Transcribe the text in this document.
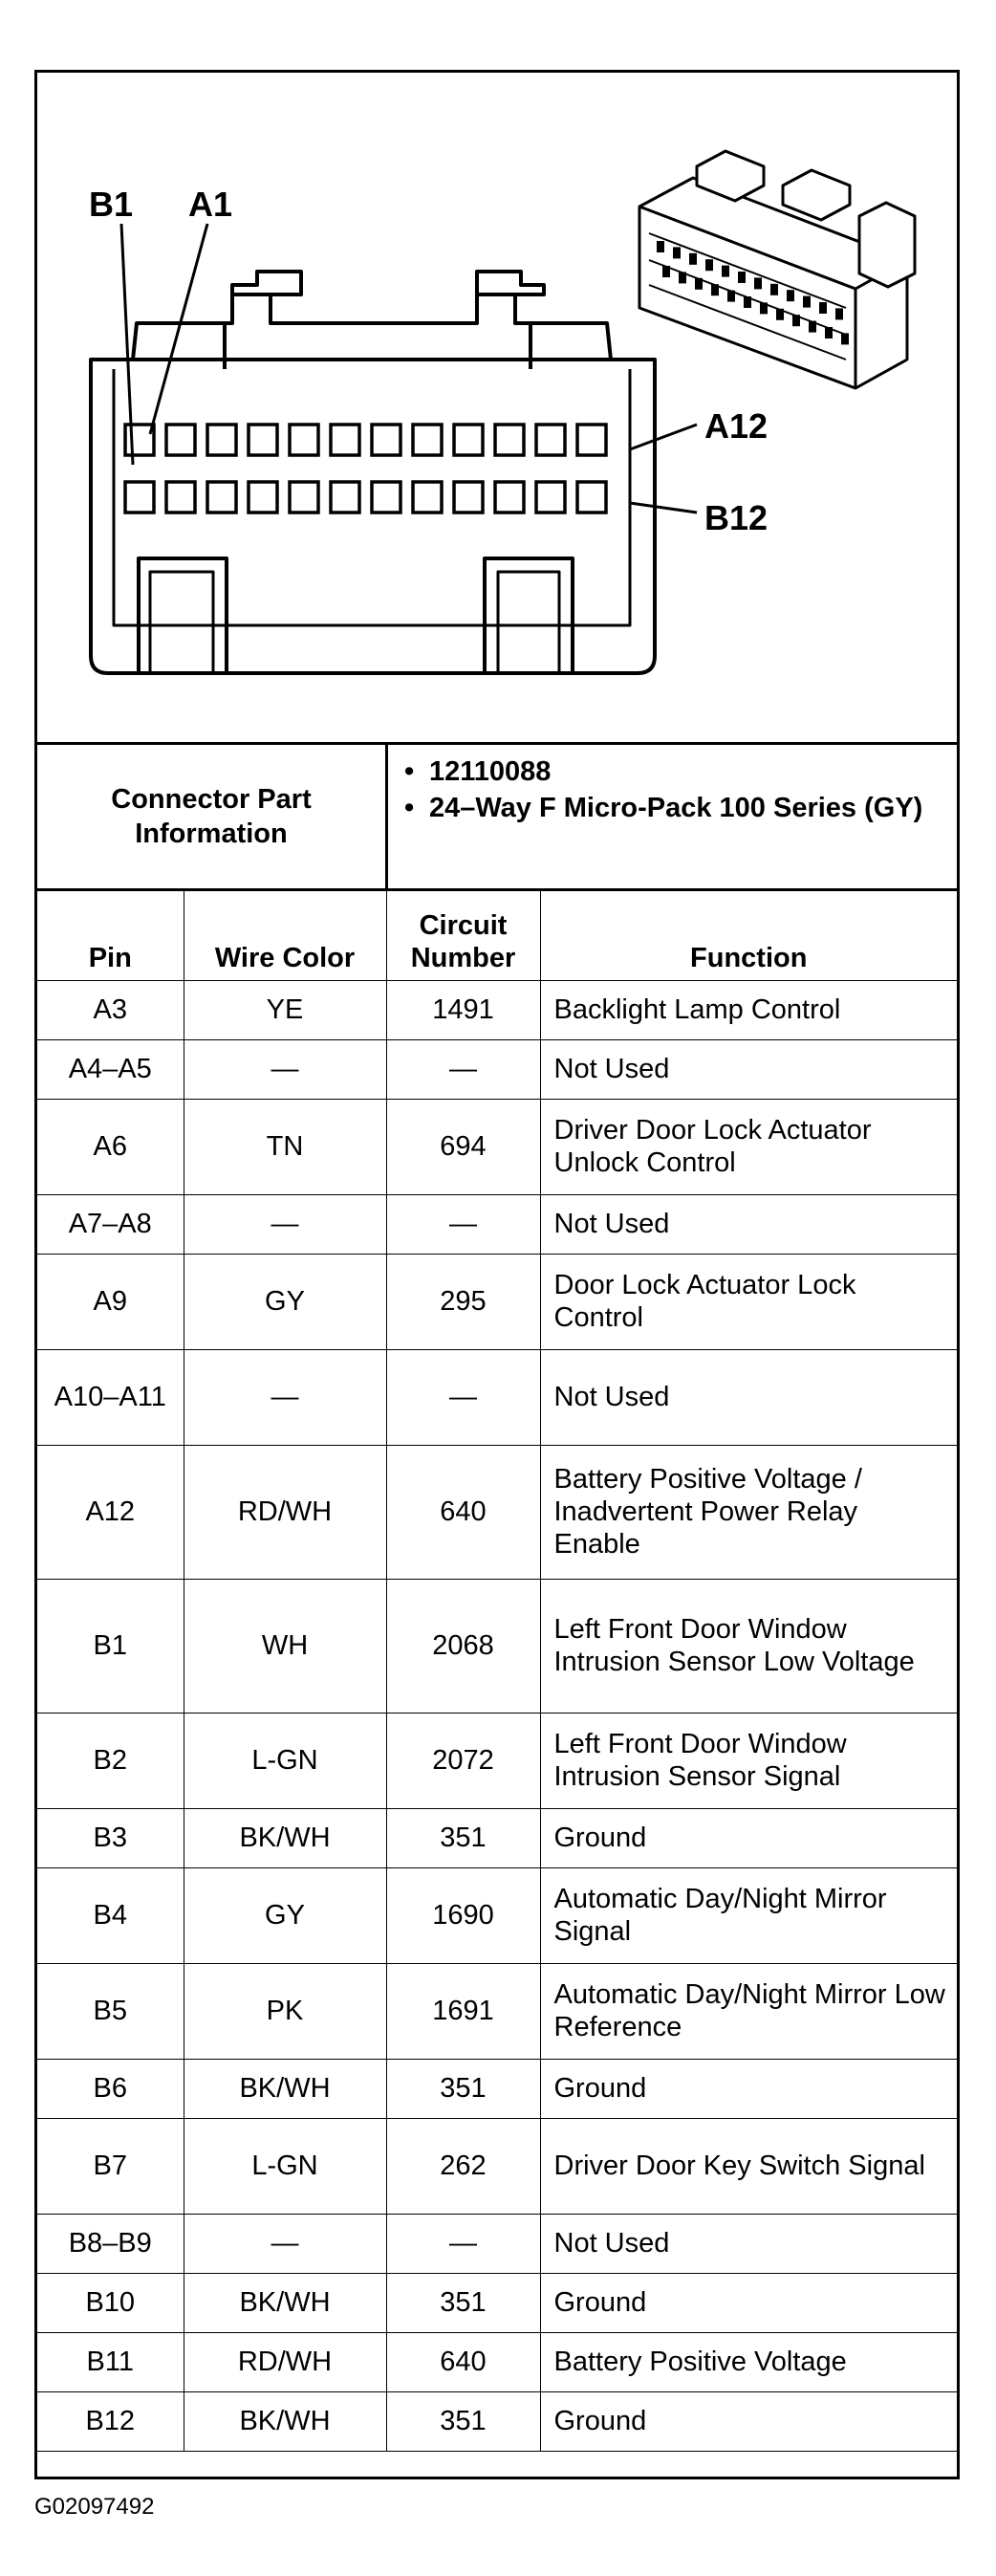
B1 A1
A12
B12
Connector Part Information
• 12110088
• 24–Way F Micro-Pack 100 Series (GY)
Pin	Wire Color	Circuit Number	Function
A3	YE	1491	Backlight Lamp Control
A4–A5	—	—	Not Used
A6	TN	694	Driver Door Lock Actuator Unlock Control
A7–A8	—	—	Not Used
A9	GY	295	Door Lock Actuator Lock Control
A10–A11	—	—	Not Used
A12	RD/WH	640	Battery Positive Voltage / Inadvertent Power Relay Enable
B1	WH	2068	Left Front Door Window Intrusion Sensor Low Voltage
B2	L-GN	2072	Left Front Door Window Intrusion Sensor Signal
B3	BK/WH	351	Ground
B4	GY	1690	Automatic Day/Night Mirror Signal
B5	PK	1691	Automatic Day/Night Mirror Low Reference
B6	BK/WH	351	Ground
B7	L-GN	262	Driver Door Key Switch Signal
B8–B9	—	—	Not Used
B10	BK/WH	351	Ground
B11	RD/WH	640	Battery Positive Voltage
B12	BK/WH	351	Ground
G02097492
